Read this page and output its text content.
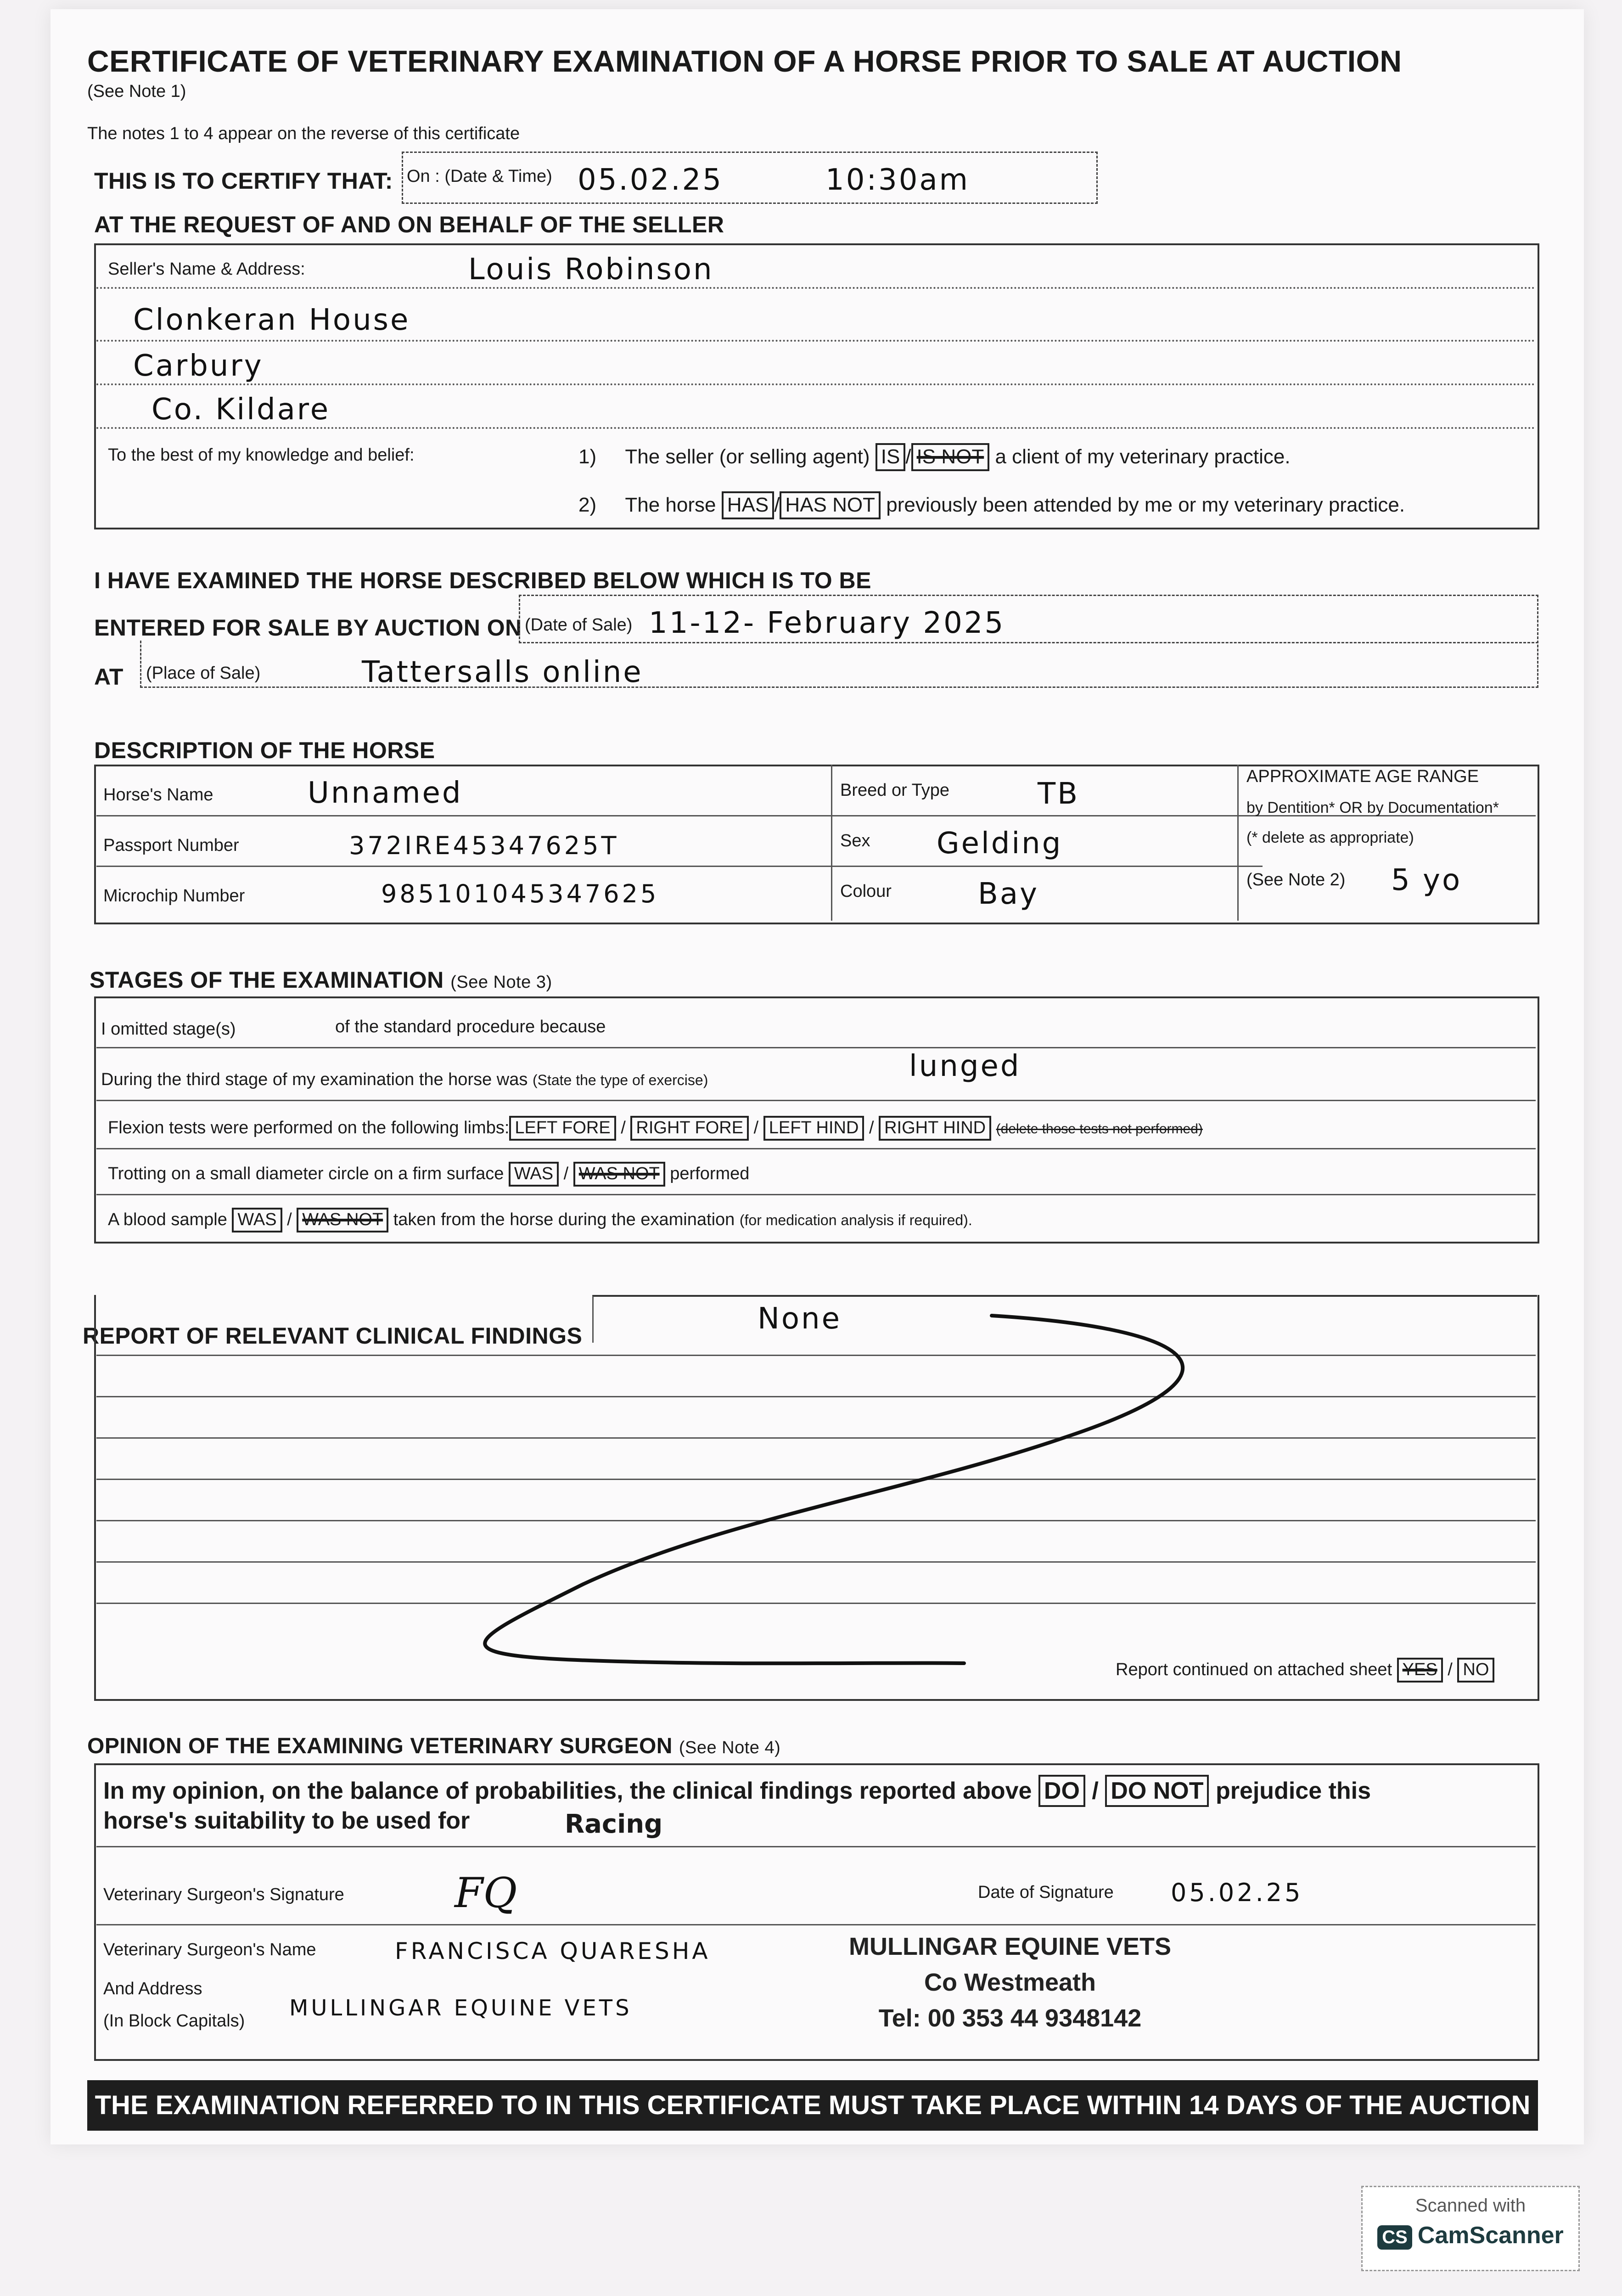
CERTIFICATE OF VETERINARY EXAMINATION OF A HORSE PRIOR TO SALE AT AUCTION
(See Note 1)
The notes 1 to 4 appear on the reverse of this certificate
THIS IS TO CERTIFY THAT: On : (Date & Time) 05.02.25	10:30am
AT THE REQUEST OF AND ON BEHALF OF THE SELLER
Seller's Name & Address:	Louis Robinson
Clonkeran House
Carbury
Co. Kildare
To the best of my knowledge and belief:	1) The seller (or selling agent) IS / IS NOT a client of my veterinary practice.
2) The horse HAS / HAS NOT previously been attended by me or my veterinary practice.
I HAVE EXAMINED THE HORSE DESCRIBED BELOW WHICH IS TO BE
ENTERED FOR SALE BY AUCTION ON (Date of Sale) 11-12- February 2025
AT (Place of Sale)	Tattersalls online
DESCRIPTION OF THE HORSE
Horse's Name	Unnamed
Passport Number	372IRE45347625T
Microchip Number	985101045347625
Breed or Type	TB
Sex Gelding
Colour	Bay
APPROXIMATE AGE RANGE
by Dentition* OR by Documentation*
(* delete as appropriate)
(See Note 2) 5 yo
STAGES OF THE EXAMINATION (See Note 3)
I omitted stage(s)	of the standard procedure because
During the third stage of my examination the horse was (State the type of exercise)	lunged
Flexion tests were performed on the following limbs: LEFT FORE / RIGHT FORE / LEFT HIND / RIGHT HIND (delete those tests not performed)
Trotting on a small diameter circle on a firm surface WAS / WAS NOT performed
A blood sample WAS / WAS NOT taken from the horse during the examination (for medication analysis if required).
REPORT OF RELEVANT CLINICAL FINDINGS	None
Report continued on attached sheet YES / NO
OPINION OF THE EXAMINING VETERINARY SURGEON (See Note 4)
In my opinion, on the balance of probabilities, the clinical findings reported above DO / DO NOT prejudice this
horse's suitability to be used for	Racing
Veterinary Surgeon's Signature	FQ	Date of Signature 05.02.25
Veterinary Surgeon's Name	FRANCISCA QUARESHA
And Address
(In Block Capitals) MULLINGAR EQUINE VETS
MULLINGAR EQUINE VETS
Co Westmeath
Tel: 00 353 44 9348142
THE EXAMINATION REFERRED TO IN THIS CERTIFICATE MUST TAKE PLACE WITHIN 14 DAYS OF THE AUCTION
Scanned with
CS CamScanner
